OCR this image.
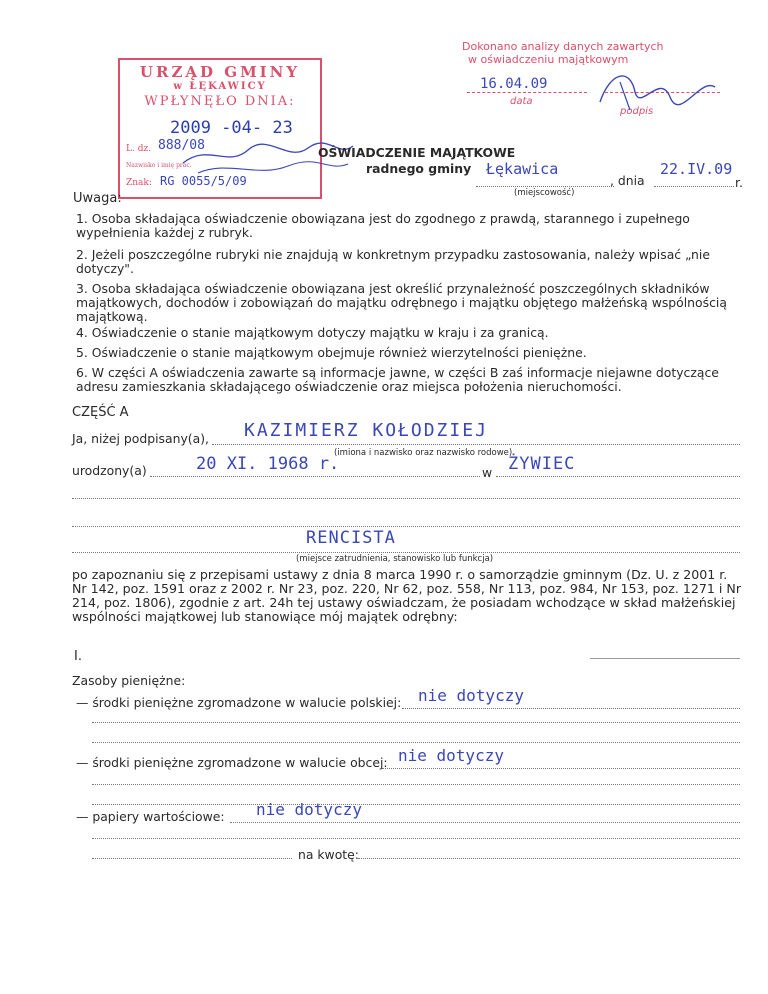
URZĄD GMINY
w ŁĘKAWICY
WPŁYNĘŁO DNIA:
2009 -04- 23
L. dz. 888/08
Nazwisko i imię prac.
Znak: RG 0055/5/09
Dokonano analizy danych zawartych
w oświadczeniu majątkowym
16.04.09
data
podpis
OŚWIADCZENIE MAJĄTKOWE
radnego gminy Łękawica
(miejscowość)
, dnia
22.IV.09
r.
Uwaga:
1. Osoba składająca oświadczenie obowiązana jest do zgodnego z prawdą, starannego i zupełnego wypełnienia każdej z rubryk.
2. Jeżeli poszczególne rubryki nie znajdują w konkretnym przypadku zastosowania, należy wpisać „nie dotyczy".
3. Osoba składająca oświadczenie obowiązana jest określić przynależność poszczególnych składników majątkowych, dochodów i zobowiązań do majątku odrębnego i majątku objętego małżeńską wspólnością majątkową.
4. Oświadczenie o stanie majątkowym dotyczy majątku w kraju i za granicą.
5. Oświadczenie o stanie majątkowym obejmuje również wierzytelności pieniężne.
6. W części A oświadczenia zawarte są informacje jawne, w części B zaś informacje niejawne dotyczące adresu zamieszkania składającego oświadczenie oraz miejsca położenia nieruchomości.
CZĘŚĆ A
Ja, niżej podpisany(a), KAZIMIERZ KOŁODZIEJ
(imiona i nazwisko oraz nazwisko rodowe)
urodzony(a)	20 XI. 1968 r.	w ŻYWIEC
RENCISTA
(miejsce zatrudnienia, stanowisko lub funkcja)
po zapoznaniu się z przepisami ustawy z dnia 8 marca 1990 r. o samorządzie gminnym (Dz. U. z 2001 r. Nr 142, poz. 1591 oraz z 2002 r. Nr 23, poz. 220, Nr 62, poz. 558, Nr 113, poz. 984, Nr 153, poz. 1271 i Nr 214, poz. 1806), zgodnie z art. 24h tej ustawy oświadczam, że posiadam wchodzące w skład małżeńskiej wspólności majątkowej lub stanowiące mój majątek odrębny:
I.
Zasoby pieniężne:
— środki pieniężne zgromadzone w walucie polskiej: nie dotyczy
— środki pieniężne zgromadzone w walucie obcej: nie dotyczy
— papiery wartościowe: nie dotyczy
na kwotę:
